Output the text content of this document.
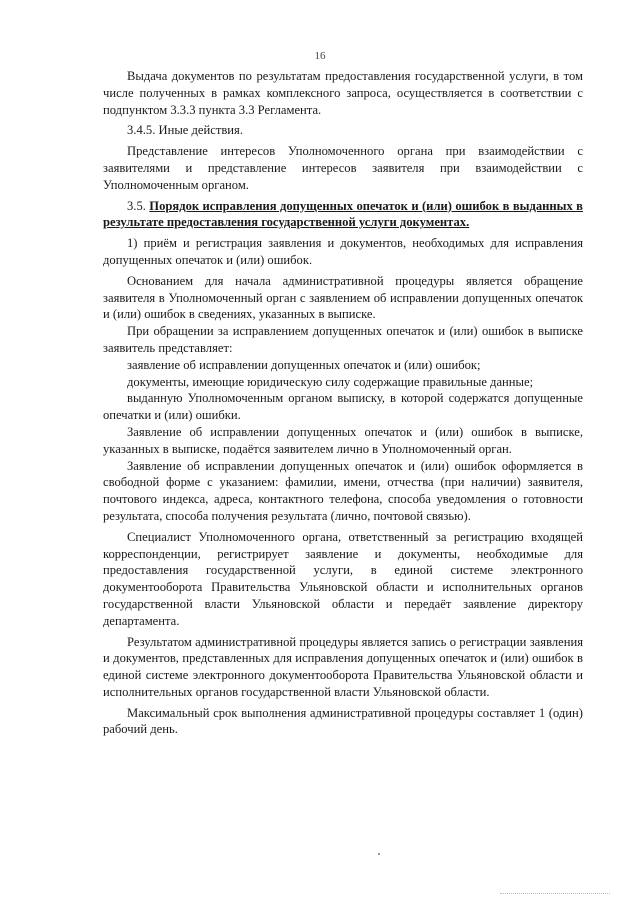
16

Выдача документов по результатам предоставления государственной услуги, в том числе полученных в рамках комплексного запроса, осуществляется в соответствии с подпунктом 3.3.3 пункта 3.3 Регламента.

3.4.5. Иные действия.

Представление интересов Уполномоченного органа при взаимодействии с заявителями и представление интересов заявителя при взаимодействии с Уполномоченным органом.

3.5. Порядок исправления допущенных опечаток и (или) ошибок в выданных в результате предоставления государственной услуги документах.

1) приём и регистрация заявления и документов, необходимых для исправления допущенных опечаток и (или) ошибок.

Основанием для начала административной процедуры является обращение заявителя в Уполномоченный орган с заявлением об исправлении допущенных опечаток и (или) ошибок в сведениях, указанных в выписке.

При обращении за исправлением допущенных опечаток и (или) ошибок в выписке заявитель представляет:

заявление об исправлении допущенных опечаток и (или) ошибок;

документы, имеющие юридическую силу содержащие правильные данные;

выданную Уполномоченным органом выписку, в которой содержатся допущенные опечатки и (или) ошибки.

Заявление об исправлении допущенных опечаток и (или) ошибок в выписке, указанных в выписке, подаётся заявителем лично в Уполномоченный орган.

Заявление об исправлении допущенных опечаток и (или) ошибок оформляется в свободной форме с указанием: фамилии, имени, отчества (при наличии) заявителя, почтового индекса, адреса, контактного телефона, способа уведомления о готовности результата, способа получения результата (лично, почтовой связью).

Специалист Уполномоченного органа, ответственный за регистрацию входящей корреспонденции, регистрирует заявление и документы, необходимые для предоставления государственной услуги, в единой системе электронного документооборота Правительства Ульяновской области и исполнительных органов государственной власти Ульяновской области и передаёт заявление директору департамента.

Результатом административной процедуры является запись о регистрации заявления и документов, представленных для исправления допущенных опечаток и (или) ошибок в единой системе электронного документооборота Правительства Ульяновской области и исполнительных органов государственной власти Ульяновской области.

Максимальный срок выполнения административной процедуры составляет 1 (один) рабочий день.
